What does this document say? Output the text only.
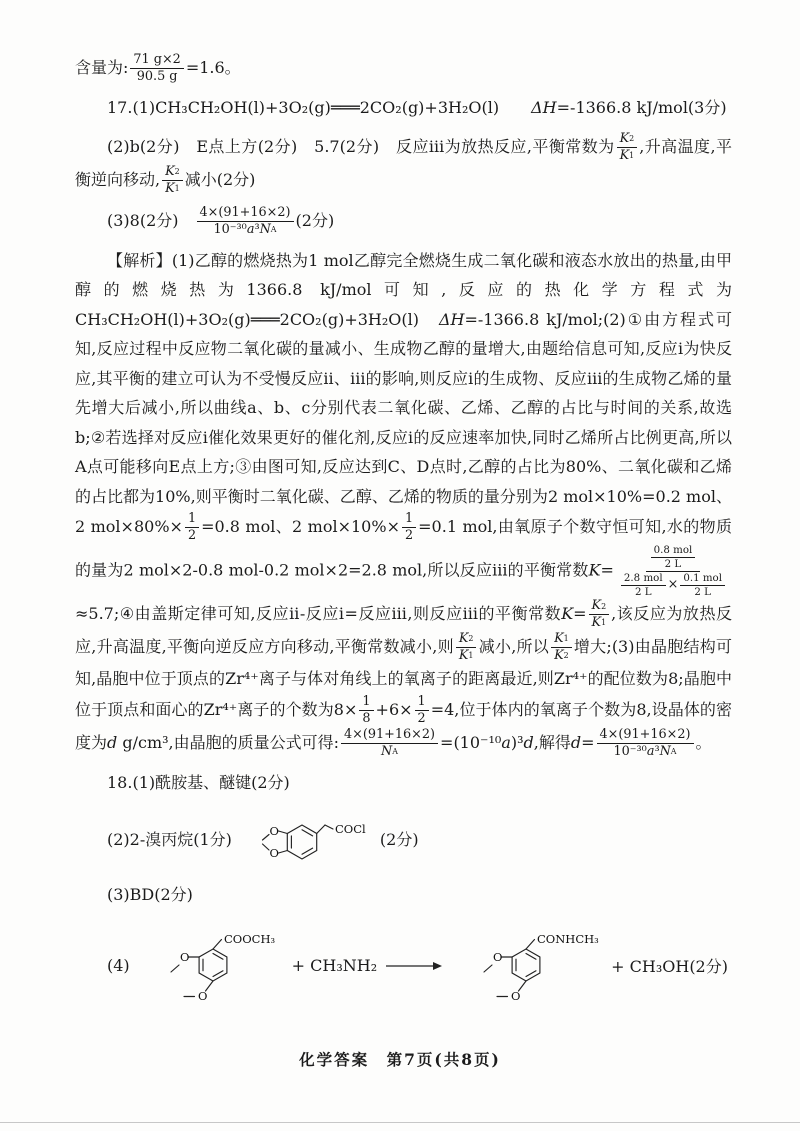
含量为: $\frac{71 g\times 2}{90.5 g} =1.6$。

17.(1)CH₃CH₂OH(l)+3O₂(g)═══2CO₂(g)+3H₂O(l)　　ΔH=-1366.8 kJ/mol(3分)

(2)b(2分)　E点上方(2分)　5.7(2分)　反应ⅲ为放热反应,平衡常数为 $\frac{K 2}{K 1}$ ,升高温度,平衡逆向移动, $\frac{K 2}{K 1}$ 减小(2分)

(3)8(2分)　 $\frac{4\times(91+16\times 2)}{\text{10⁻³⁰ a ³ N A}} (2$分)

【解析】(1)乙醇的燃烧热为1 mol乙醇完全燃烧生成二氧化碳和液态水放出的热量,由甲醇的燃烧热为1366.8 kJ/mol可知,反应的热化学方程式为CH₃CH₂OH(l)+3O₂(g)═══2CO₂(g)+3H₂O(l)　ΔH=-1366.8 kJ/mol;(2)①由方程式可知,反应过程中反应物二氧化碳的量减小、生成物乙醇的量增大,由题给信息可知,反应ⅰ为快反应,其平衡的建立可认为不受慢反应ⅱ、ⅲ的影响,则反应ⅰ的生成物、反应ⅲ的生成物乙烯的量先增大后减小,所以曲线a、b、c分别代表二氧化碳、乙烯、乙醇的占比与时间的关系,故选b;②若选择对反应ⅰ催化效果更好的催化剂,反应ⅰ的反应速率加快,同时乙烯所占比例更高,所以A点可能移向E点上方;③由图可知,反应达到C、D点时,乙醇的占比为80%、二氧化碳和乙烯的占比都为10%,则平衡时二氧化碳、乙醇、乙烯的物质的量分别为2 mol×10%=0.2 mol、2 $mol\times 80\%\times \frac{1}{2} =0.8$ mol、2 $mol\times 10\%\times \frac{1}{2} =0.1$ mol,由氧原子个数守恒可知,水的物质的量为2 mol×2-0.8 mol-0.2 mol×2=2.8 mol,所以反应ⅲ的平衡常数K=
0.8 mol
2 L
2.8 mol
2 L × 0.1 mol
2 L
≈5.7;④由盖斯定律可知,反应ⅱ-反应ⅰ=反应ⅲ,则反应ⅲ的平衡常数$K= \frac{K 2}{K 1}$ ,该反应为放热反应,升高温度,平衡向逆反应方向移动,平衡常数减小,则 $\frac{K 2}{K 1}$ 减小,所以 $\frac{K 1}{K 2}$ 增大;(3)由晶胞结构可知,晶胞中位于顶点的Zr⁴⁺离子与体对角线上的氧离子的距离最近,则Zr⁴⁺的配位数为8;晶胞中位于顶点和面心的Zr⁴⁺离子的个数为$8\times \frac{1}{8} +6\times \frac{1}{2} =4$,位于体内的氧离子个数为8,设晶体的密度为d g/cm³,由晶胞的质量公式可得: $\frac{4\times(91+16\times 2)}{\text{N A}} =(10^{-10}a)^3d$,解得$d= \frac{4\times(91+16\times 2)}{\text{10⁻³⁰ a ³ N A}}$ 。

18.(1)酰胺基、醚键(2分)

(2)2-溴丙烷(1分)	O
O
COCl
(2分)

(3)BD(2分)

(4)
COOCH₃
O
O
+ CH₃NH₂ →
CONHCH₃
O
O
+ CH₃OH(2分)
化学答案　第7页(共8页)
